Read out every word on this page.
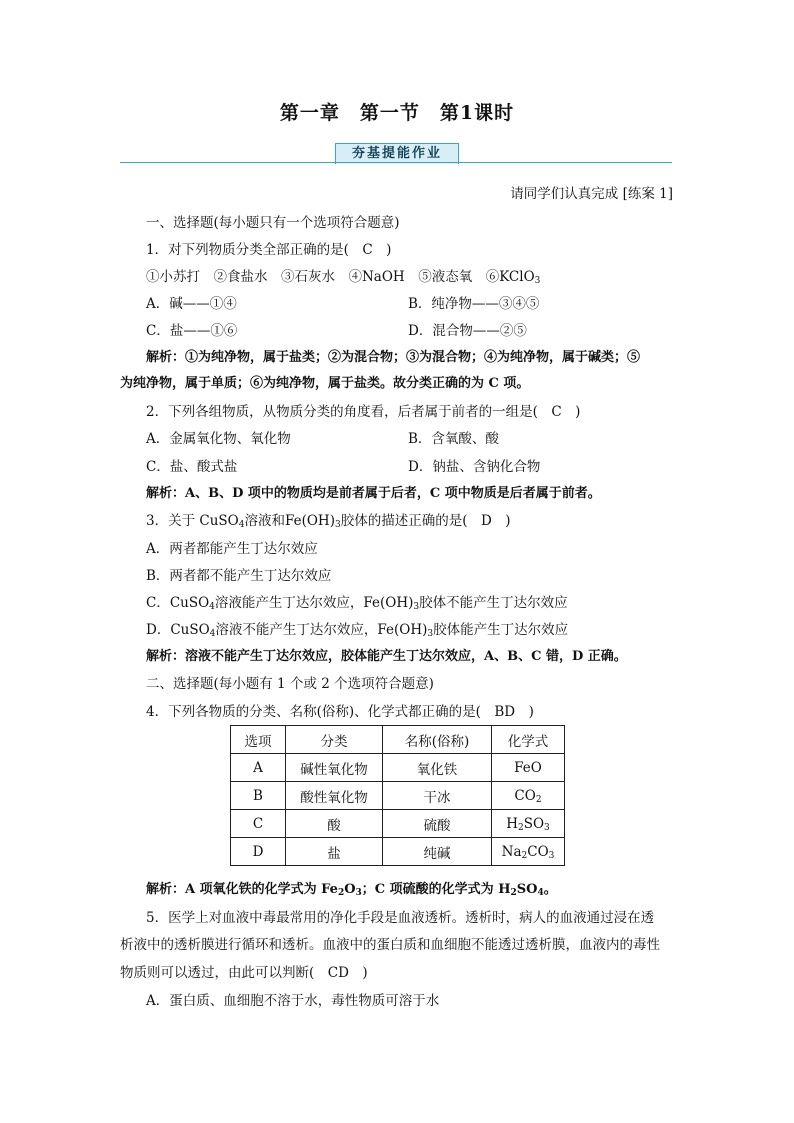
第一章　第一节　第1课时
夯基提能作业
请同学们认真完成 [练案 1]
一、选择题(每小题只有一个选项符合题意)
1．对下列物质分类全部正确的是(　C　)
①小苏打　②食盐水　③石灰水　④NaOH　⑤液态氧　⑥KClO$_3$
A．碱——①④	B．纯净物——③④⑤
C．盐——①⑥	D．混合物——②⑤
解析：①为纯净物，属于盐类；②为混合物；③为混合物；④为纯净物，属于碱类；⑤
为纯净物，属于单质；⑥为纯净物，属于盐类。故分类正确的为 C 项。
2．下列各组物质，从物质分类的角度看，后者属于前者的一组是(　C　)
A．金属氧化物、氧化物	B．含氧酸、酸
C．盐、酸式盐	D．钠盐、含钠化合物
解析：A、B、D 项中的物质均是前者属于后者，C 项中物质是后者属于前者。
3．关于 CuSO$_4$溶液和$Fe(OH)_3$胶体的描述正确的是(　D　)
A．两者都能产生丁达尔效应
B．两者都不能产生丁达尔效应
C．CuSO$_4$溶液能产生丁达尔效应，$Fe(OH)_3$胶体不能产生丁达尔效应
D．CuSO$_4$溶液不能产生丁达尔效应，$Fe(OH)_3$胶体能产生丁达尔效应
解析：溶液不能产生丁达尔效应，胶体能产生丁达尔效应，A、B、C 错，D 正确。
二、选择题(每小题有 1 个或 2 个选项符合题意)
4．下列各物质的分类、名称(俗称)、化学式都正确的是(　BD　)
选项	分类	名称(俗称)	化学式
A	碱性氧化物	氧化铁	FeO
B	酸性氧化物	干冰	$CO_2$
C	酸	硫酸	$H_2SO_3$
D	盐	纯碱	$Na_2CO_3$
解析：A 项氧化铁的化学式为 $Fe_2O_3$；C 项硫酸的化学式为 $H_2SO_4$。
5．医学上对血液中毒最常用的净化手段是血液透析。透析时，病人的血液通过浸在透
析液中的透析膜进行循环和透析。血液中的蛋白质和血细胞不能透过透析膜，血液内的毒性
物质则可以透过，由此可以判断(　CD　)
A．蛋白质、血细胞不溶于水，毒性物质可溶于水
